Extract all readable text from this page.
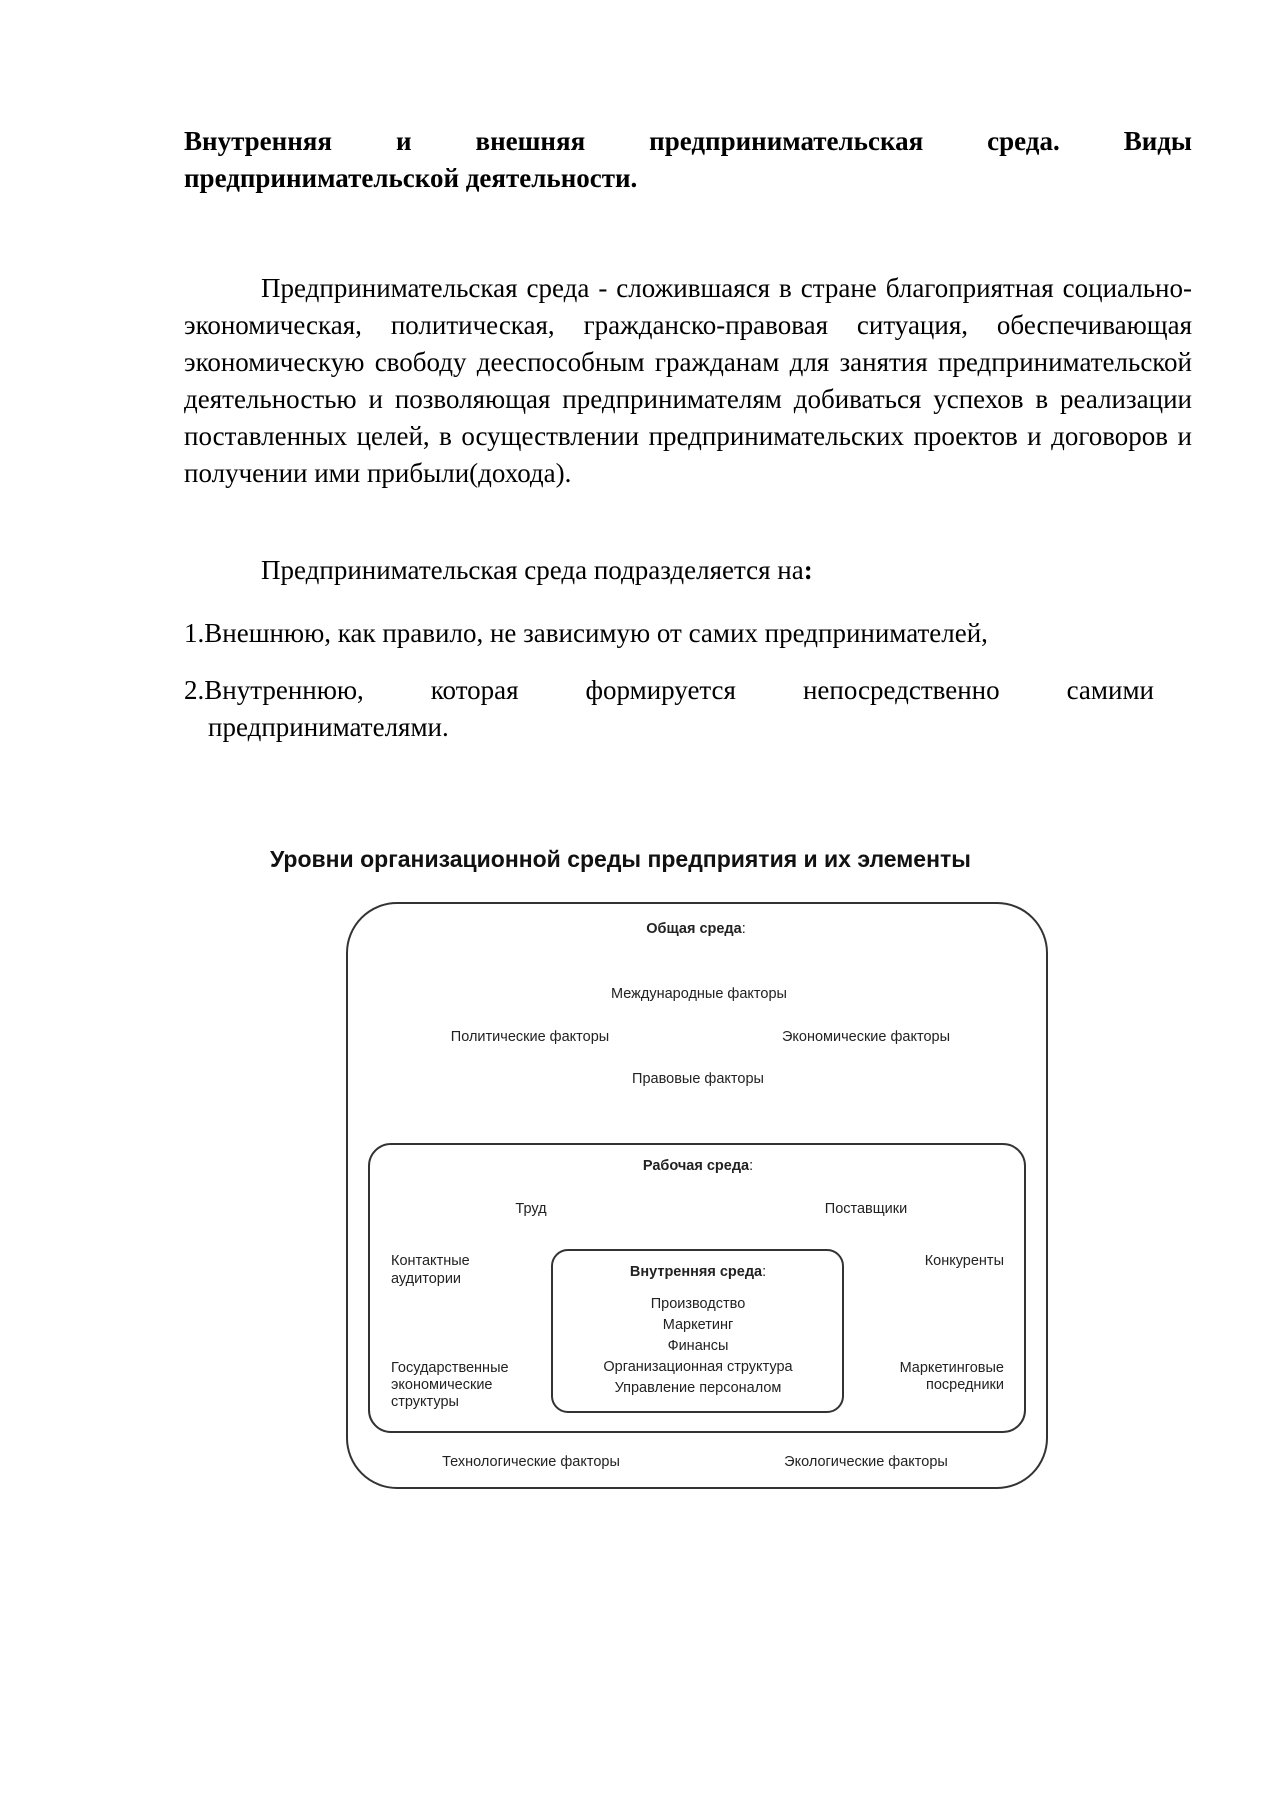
Внутренняя и внешняя предпринимательская среда. Виды
предпринимательской деятельности.

Предпринимательская среда - сложившаяся в стране благоприятная социально-экономическая, политическая, гражданско-правовая ситуация, обеспечивающая экономическую свободу дееспособным гражданам для занятия предпринимательской деятельностью и позволяющая предпринимателям добиваться успехов в реализации поставленных целей, в осуществлении предпринимательских проектов и договоров и получении ими прибыли(дохода).

Предпринимательская среда подразделяется на:

1.Внешнюю, как правило, не зависимую от самих предпринимателей,
2.Внутреннюю, которая формируется непосредственно самими
предпринимателями.
Уровни организационной среды предприятия и их элементы
Общая среда:
Международные факторы
Политические факторы	Экономические факторы
Правовые факторы
Технологические факторы	Экологические факторы
Рабочая среда:
Труд	Поставщики
Контактные
аудитории
Конкуренты
Государственные
экономические
структуры
Маркетинговые
посредники
Внутренняя среда:
Производство
Маркетинг
Финансы
Организационная структура
Управление персоналом
